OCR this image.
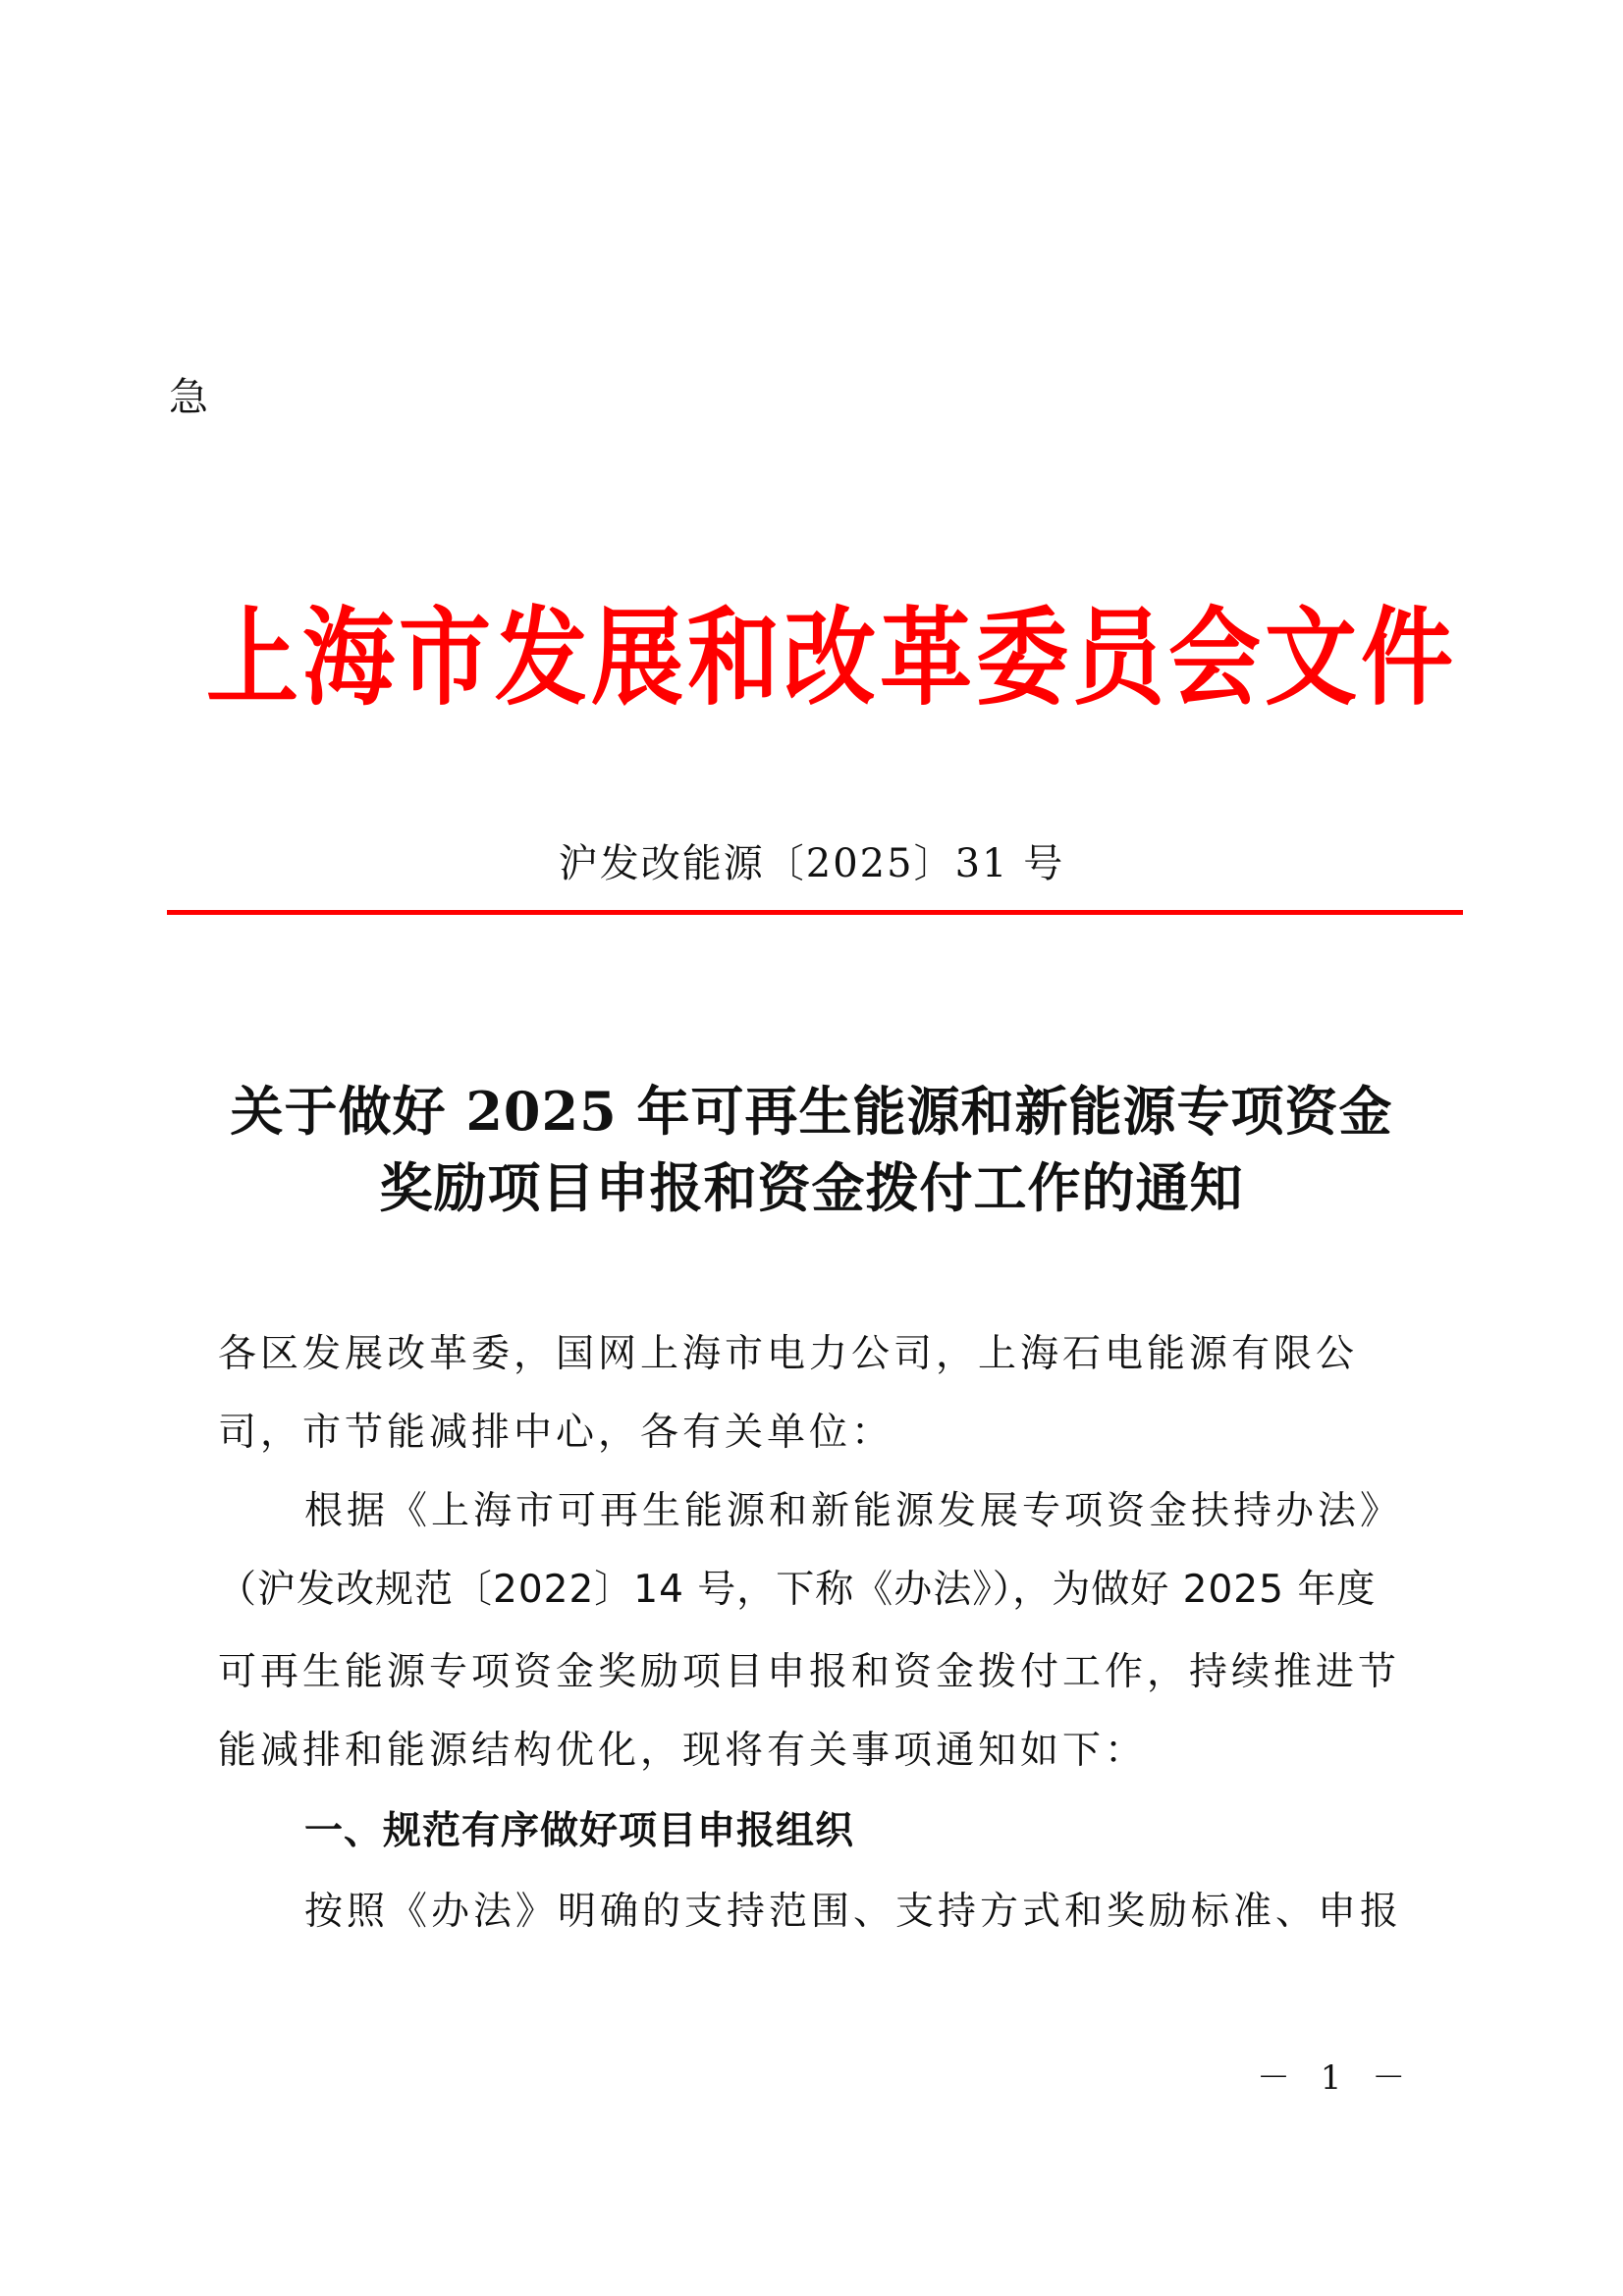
急
上海市发展和改革委员会文件
沪发改能源〔2025〕31 号
关于做好 2025 年可再生能源和新能源专项资金
奖励项目申报和资金拨付工作的通知
各区发展改革委，国网上海市电力公司，上海石电能源有限公
司，市节能减排中心，各有关单位：
根据《上海市可再生能源和新能源发展专项资金扶持办法》
（沪发改规范〔2022〕14 号，下称《办法》），为做好 2025 年度
可再生能源专项资金奖励项目申报和资金拨付工作，持续推进节
能减排和能源结构优化，现将有关事项通知如下：
一、规范有序做好项目申报组织
按照《办法》明确的支持范围、支持方式和奖励标准、申报
－ 1 －
